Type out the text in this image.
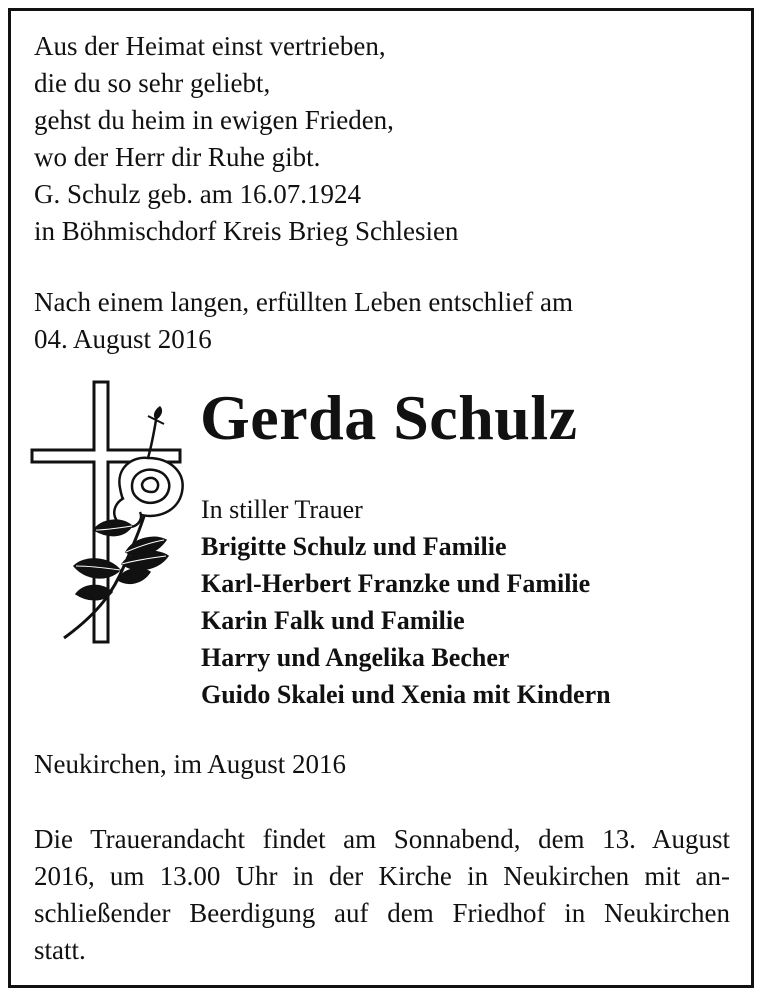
Aus der Heimat einst vertrieben,
die du so sehr geliebt,
gehst du heim in ewigen Frieden,
wo der Herr dir Ruhe gibt.
G. Schulz geb. am 16.07.1924
in Böhmischdorf Kreis Brieg Schlesien
Nach einem langen, erfüllten Leben entschlief am
04. August 2016
Gerda Schulz
In stiller Trauer
Brigitte Schulz und Familie
Karl-Herbert Franzke und Familie
Karin Falk und Familie
Harry und Angelika Becher
Guido Skalei und Xenia mit Kindern
Neukirchen, im August 2016

Die Trauerandacht findet am Sonnabend, dem 13. August
2016, um 13.00 Uhr in der Kirche in Neukirchen mit an-
schließender Beerdigung auf dem Friedhof in Neukirchen
statt.
